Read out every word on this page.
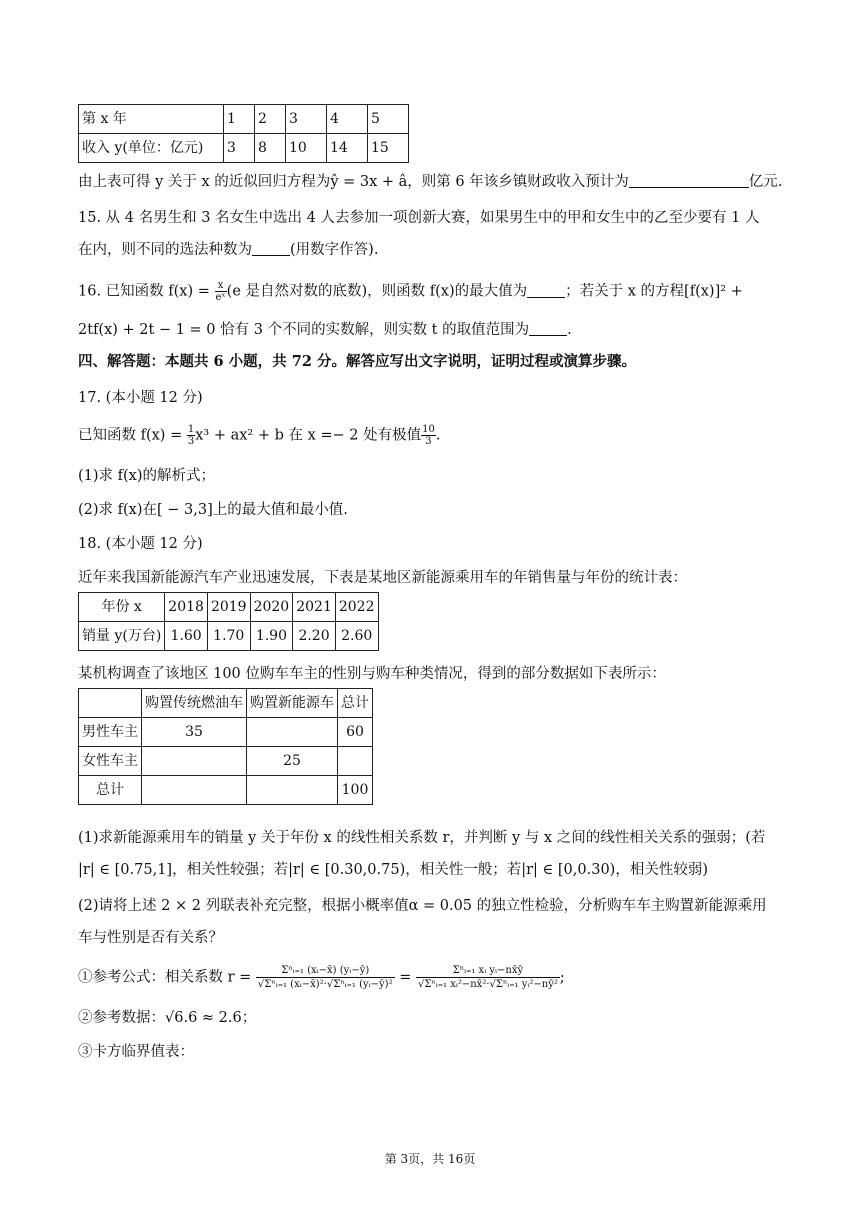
第 x 年	1	2	3	4	5
收入 y(单位：亿元)	3	8	10	14	15
由上表可得 y 关于 x 的近似回归方程为ŷ = 3x + â，则第 6 年该乡镇财政收入预计为	亿元.
15. 从 4 名男生和 3 名女生中选出 4 人去参加一项创新大赛，如果男生中的甲和女生中的乙至少要有 1 人
在内，则不同的选法种数为	(用数字作答).
16. 已知函数 $f(x) = \frac{x}{\text{eˣ}} (e$ 是自然对数的底数)，则函数 f(x)的最大值为	；若关于 x 的方程[f(x)]² +
2tf(x) + 2t − 1 = 0 恰有 3 个不同的实数解，则实数 t 的取值范围为	.
四、解答题：本题共 6 小题，共 72 分。解答应写出文字说明，证明过程或演算步骤。
17. (本小题 12 分)
已知函数 $f(x) = \frac{1}{3} x^3 + ax^2 + b$ 在 x =− 2 处有极值 $\frac{10}{3}$ .
(1)求 f(x)的解析式；
(2)求 f(x)在[ − 3,3]上的最大值和最小值.
18. (本小题 12 分)
近年来我国新能源汽车产业迅速发展，下表是某地区新能源乘用车的年销售量与年份的统计表：
年份 x	2018	2019	2020	2021	2022
销量 y(万台)	1.60	1.70	1.90	2.20	2.60
某机构调查了该地区 100 位购车车主的性别与购车种类情况，得到的部分数据如下表所示：
	购置传统燃油车	购置新能源车	总计
男性车主	35		60
女性车主		25	
总计			100
(1)求新能源乘用车的销量 y 关于年份 x 的线性相关系数 r，并判断 y 与 x 之间的线性相关关系的强弱；(若
|r| ∈ [0.75,1]，相关性较强；若|r| ∈ [0.30,0.75)，相关性一般；若|r| ∈ [0,0.30)，相关性较弱)
(2)请将上述 2 × 2 列联表补充完整，根据小概率值α = 0.05 的独立性检验，分析购车车主购置新能源乘用
车与性别是否有关系？
①参考公式：相关系数 r =	Σⁿᵢ₌₁ (xᵢ−x̄) (yᵢ−ȳ)
√Σⁿᵢ₌₁ (xᵢ−x̄)²·√Σⁿᵢ₌₁ (yᵢ−ȳ)² =	Σⁿᵢ₌₁ xᵢ yᵢ−nx̄ȳ
√Σⁿᵢ₌₁ xᵢ²−nx̄²·√Σⁿᵢ₌₁ yᵢ²−nȳ² ;
②参考数据：√6.6 ≈ 2.6；
③卡方临界值表：
第 3页，共 16页
